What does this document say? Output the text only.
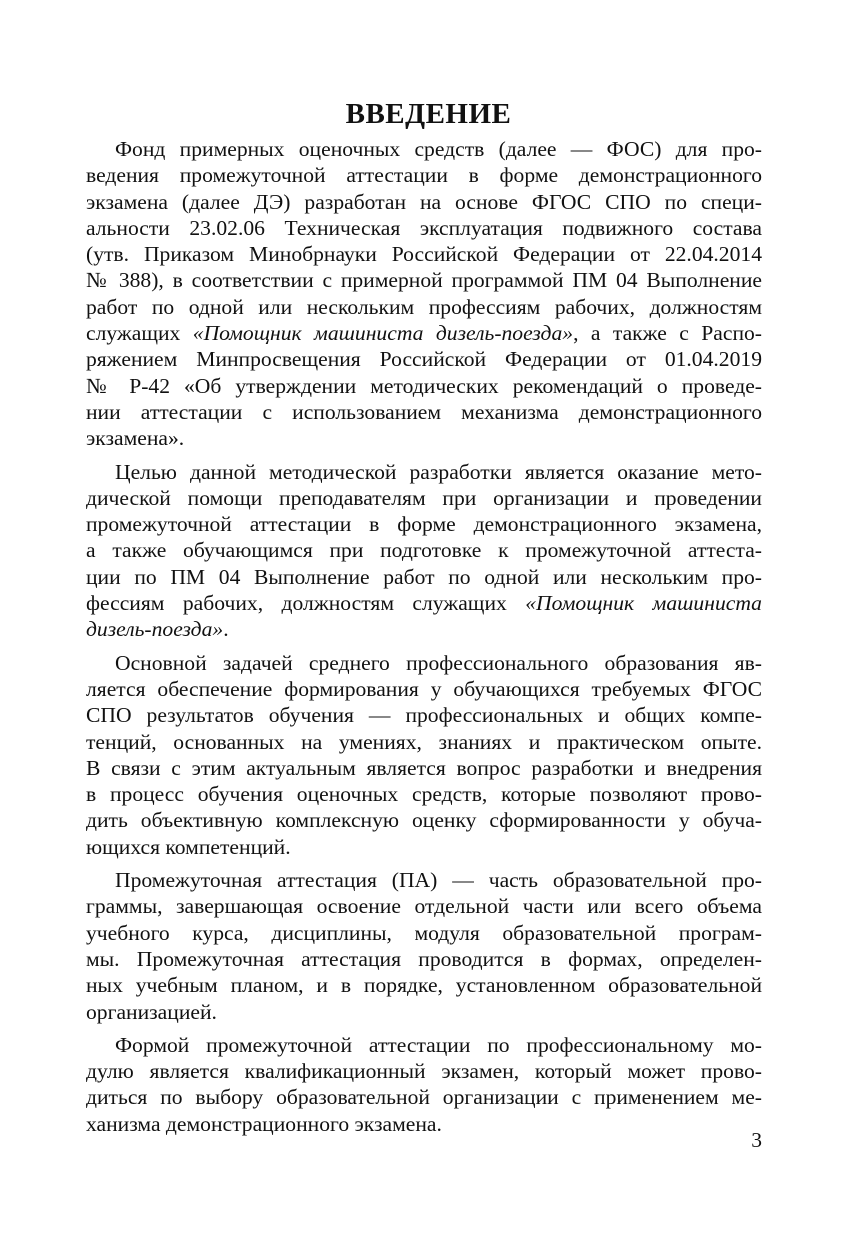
ВВЕДЕНИЕ

Фонд примерных оценочных средств (далее — ФОС) для про-
ведения промежуточной аттестации в форме демонстрационного
экзамена (далее ДЭ) разработан на основе ФГОС СПО по специ-
альности 23.02.06 Техническая эксплуатация подвижного состава
(утв. Приказом Минобрнауки Российской Федерации от 22.04.2014
№ 388), в соответствии с примерной программой ПМ 04 Выполнение
работ по одной или нескольким профессиям рабочих, должностям
служащих «Помощник машиниста дизель-поезда», а также с Распо-
ряжением Минпросвещения Российской Федерации от 01.04.2019
№ Р-42 «Об утверждении методических рекомендаций о проведе-
нии аттестации с использованием механизма демонстрационного
экзамена».

Целью данной методической разработки является оказание мето-
дической помощи преподавателям при организации и проведении
промежуточной аттестации в форме демонстрационного экзамена,
а также обучающимся при подготовке к промежуточной аттеста-
ции по ПМ 04 Выполнение работ по одной или нескольким про-
фессиям рабочих, должностям служащих «Помощник машиниста
дизель-поезда».

Основной задачей среднего профессионального образования яв-
ляется обеспечение формирования у обучающихся требуемых ФГОС
СПО результатов обучения — профессиональных и общих компе-
тенций, основанных на умениях, знаниях и практическом опыте.
В связи с этим актуальным является вопрос разработки и внедрения
в процесс обучения оценочных средств, которые позволяют прово-
дить объективную комплексную оценку сформированности у обуча-
ющихся компетенций.

Промежуточная аттестация (ПА) — часть образовательной про-
граммы, завершающая освоение отдельной части или всего объема
учебного курса, дисциплины, модуля образовательной програм-
мы. Промежуточная аттестация проводится в формах, определен-
ных учебным планом, и в порядке, установленном образовательной
организацией.

Формой промежуточной аттестации по профессиональному мо-
дулю является квалификационный экзамен, который может прово-
диться по выбору образовательной организации с применением ме-
ханизма демонстрационного экзамена.

3
